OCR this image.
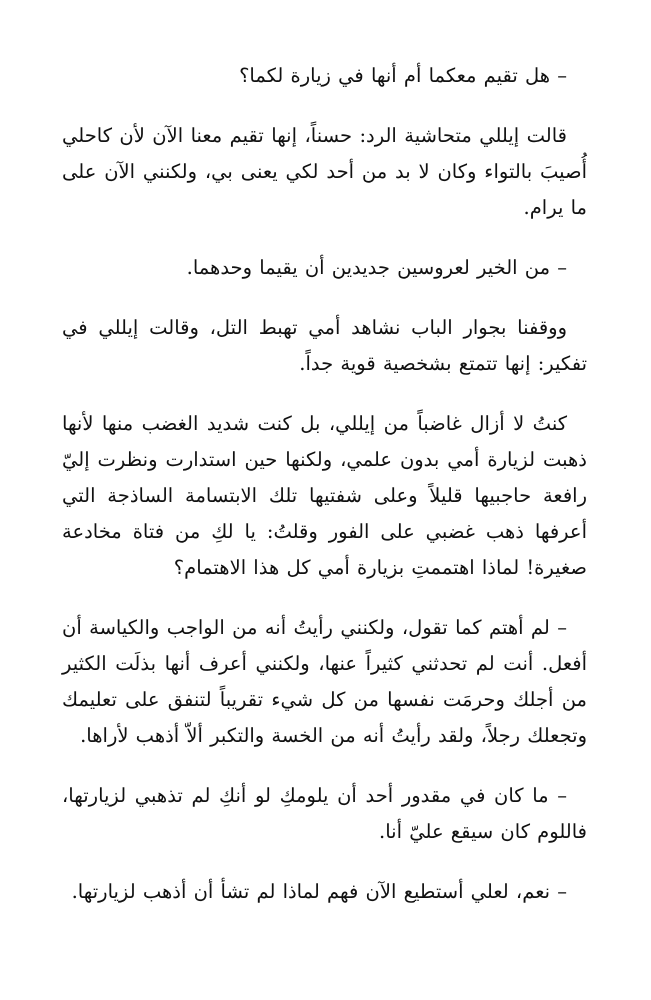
– هل تقيم معكما أم أنها في زيارة لكما؟

قالت إيللي متحاشية الرد: حسناً، إنها تقيم معنا الآن لأن كاحلي أُصيبَ بالتواء وكان لا بد من أحد لكي يعنى بي، ولكنني الآن على ما يرام.

– من الخير لعروسين جديدين أن يقيما وحدهما.

ووقفنا بجوار الباب نشاهد أمي تهبط التل، وقالت إيللي في تفكير: إنها تتمتع بشخصية قوية جداً.

كنتُ لا أزال غاضباً من إيللي، بل كنت شديد الغضب منها لأنها ذهبت لزيارة أمي بدون علمي، ولكنها حين استدارت ونظرت إليّ رافعة حاجبيها قليلاً وعلى شفتيها تلك الابتسامة الساذجة التي أعرفها ذهب غضبي على الفور وقلتُ: يا لكِ من فتاة مخادعة صغيرة! لماذا اهتممتِ بزيارة أمي كل هذا الاهتمام؟

– لم أهتم كما تقول، ولكنني رأيتُ أنه من الواجب والكياسة أن أفعل. أنت لم تحدثني كثيراً عنها، ولكنني أعرف أنها بذلَت الكثير من أجلك وحرمَت نفسها من كل شيء تقريباً لتنفق على تعليمك وتجعلك رجلاً، ولقد رأيتُ أنه من الخسة والتكبر ألاّ أذهب لأراها.

– ما كان في مقدور أحد أن يلومكِ لو أنكِ لم تذهبي لزيارتها، فاللوم كان سيقع عليّ أنا.

– نعم، لعلي أستطيع الآن فهم لماذا لم تشأ أن أذهب لزيارتها.
